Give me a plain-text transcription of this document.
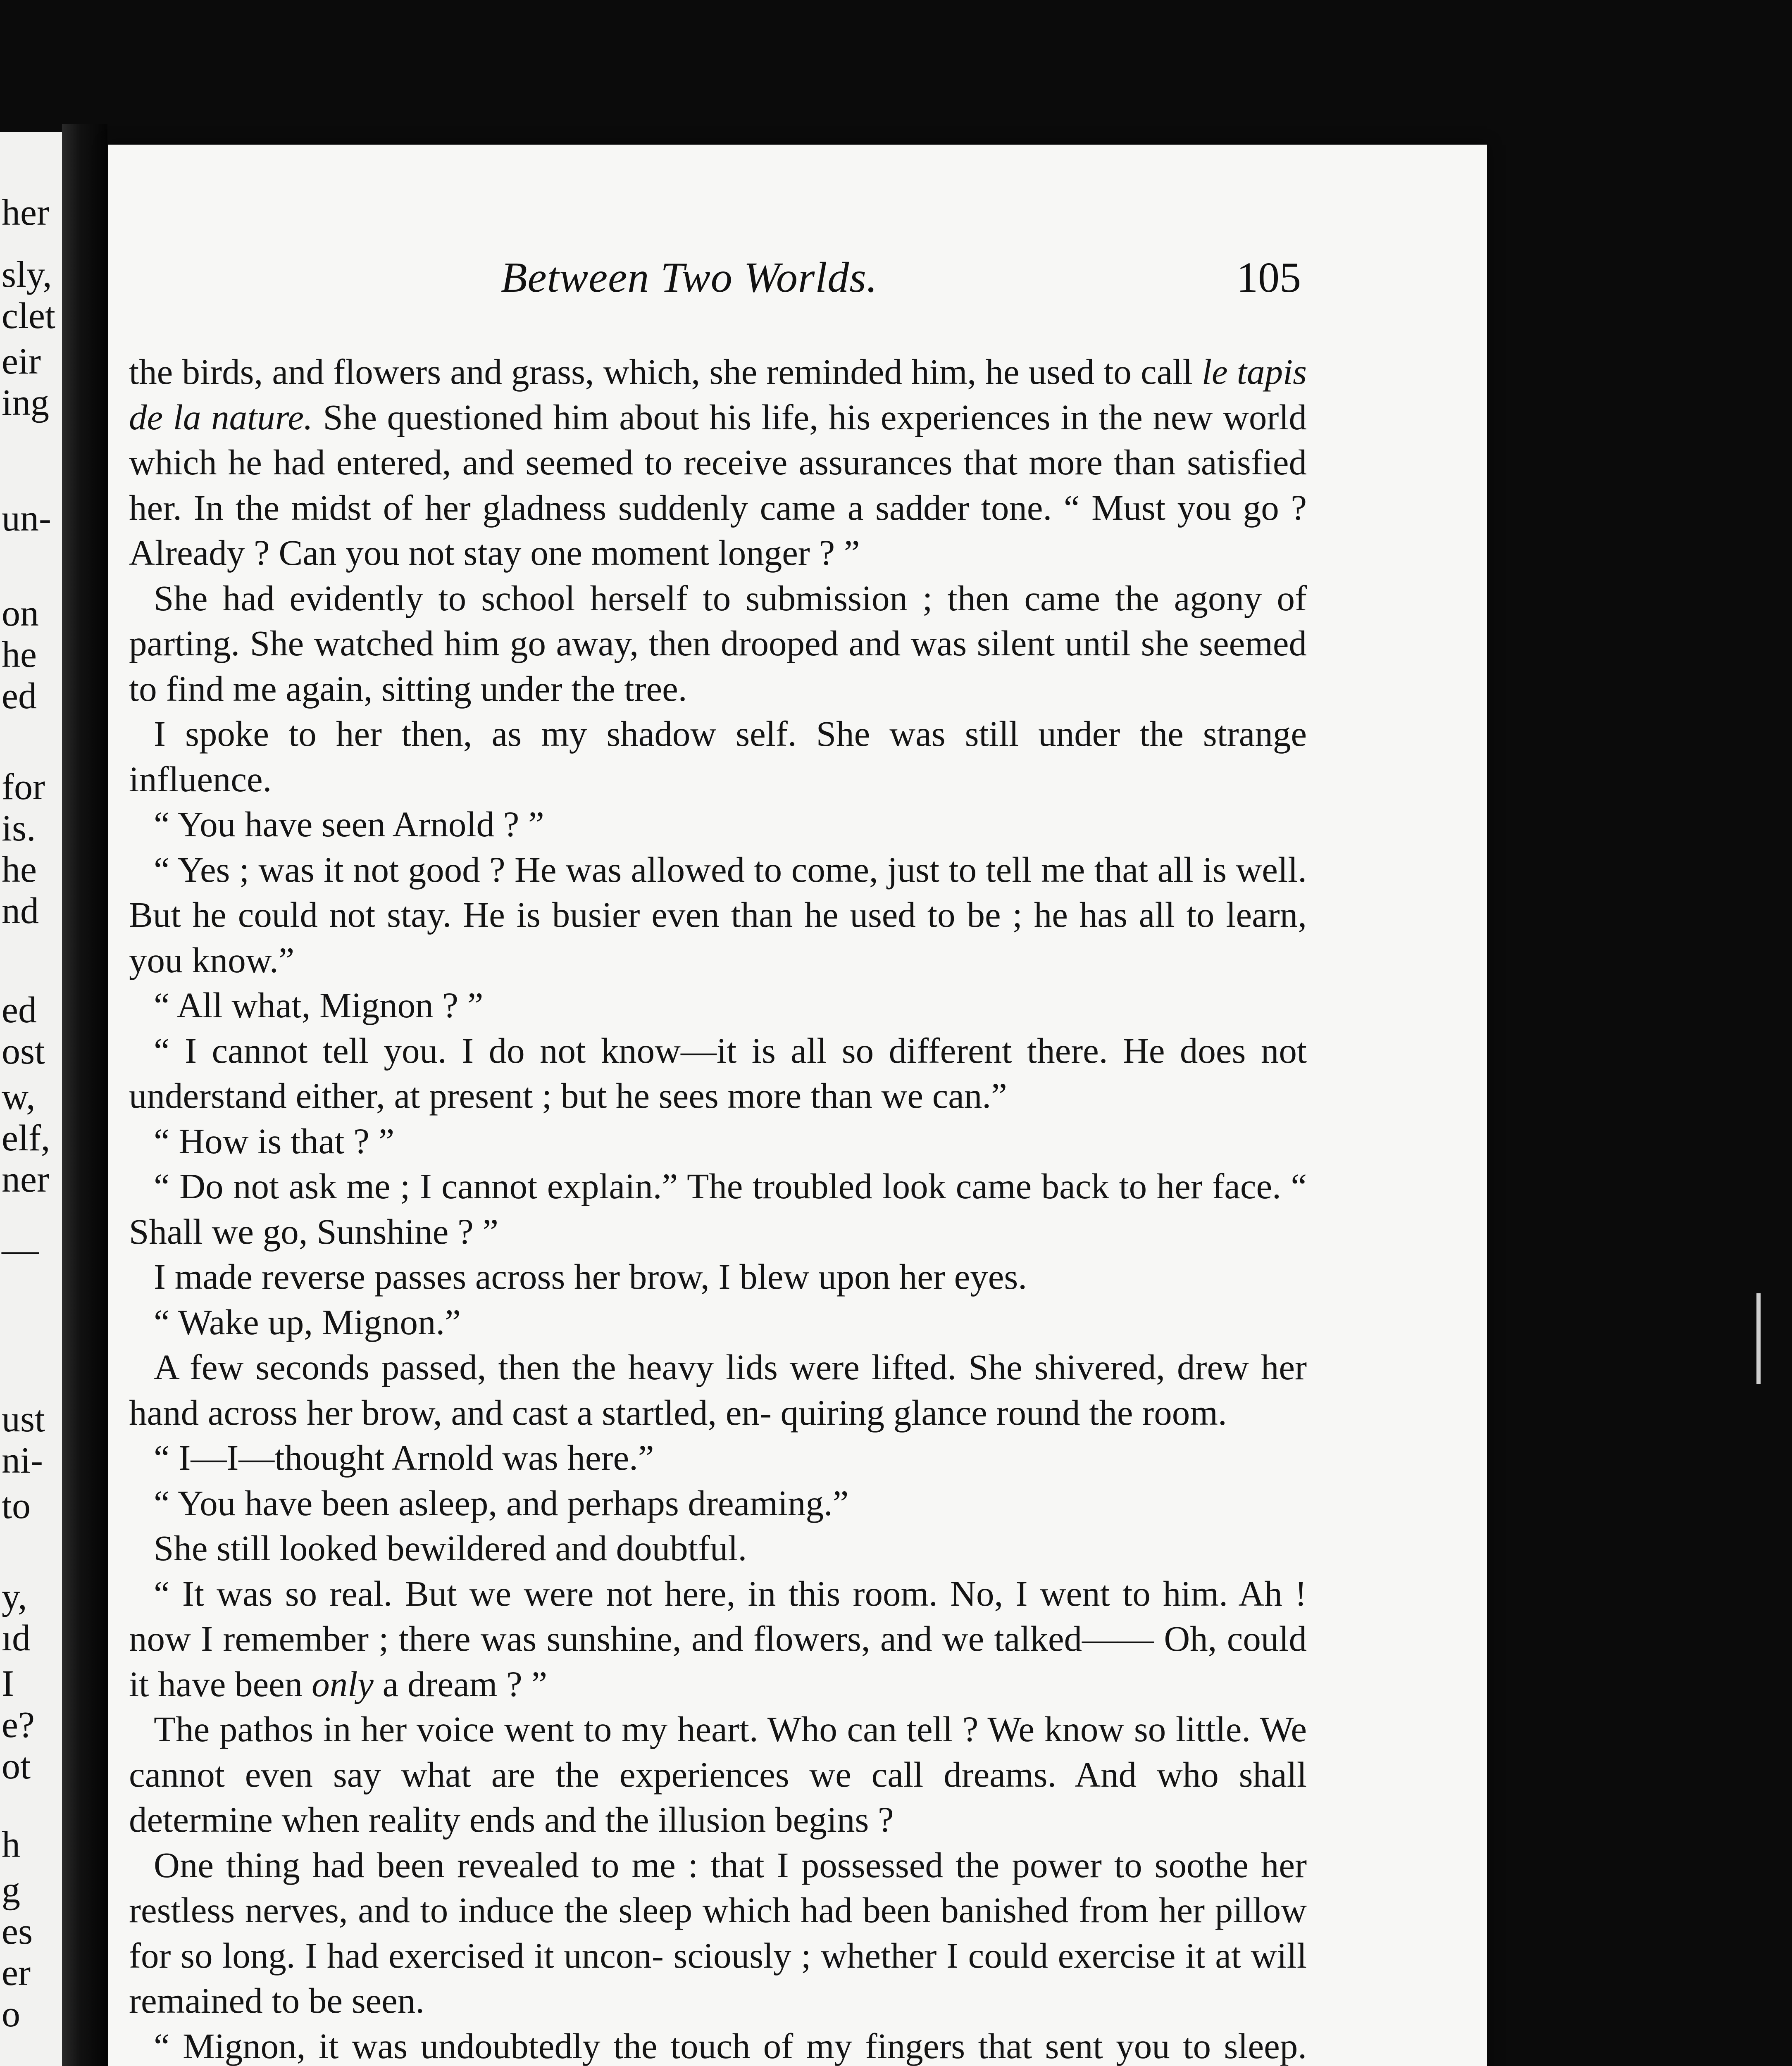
her
sly,
clet
eir
ing
un-
on
he
ed
for
is.
he
nd
ed
ost
w,
elf,
ner
—
ust
ni-
to
y,
ıd
I
e?
ot
h
g
es
er
o
Between Two Worlds.	105

the birds, and flowers and grass, which, she reminded him, he used to call le tapis de la nature. She questioned him about his life, his experiences in the new world which he had entered, and seemed to receive assurances that more than satisfied her. In the midst of her gladness suddenly came a sadder tone. “ Must you go ? Already ? Can you not stay one moment longer ? ”

She had evidently to school herself to submission ; then came the agony of parting. She watched him go away, then drooped and was silent until she seemed to find me again, sitting under the tree.

I spoke to her then, as my shadow self. She was still under the strange influence.

“ You have seen Arnold ? ”

“ Yes ; was it not good ? He was allowed to come, just to tell me that all is well. But he could not stay. He is busier even than he used to be ; he has all to learn, you know.”

“ All what, Mignon ? ”

“ I cannot tell you. I do not know—it is all so different there. He does not understand either, at present ; but he sees more than we can.”

“ How is that ? ”

“ Do not ask me ; I cannot explain.” The troubled look came back to her face. “ Shall we go, Sunshine ? ”

I made reverse passes across her brow, I blew upon her eyes.

“ Wake up, Mignon.”

A few seconds passed, then the heavy lids were lifted. She shivered, drew her hand across her brow, and cast a startled, en- quiring glance round the room.

“ I—I—thought Arnold was here.”

“ You have been asleep, and perhaps dreaming.”

She still looked bewildered and doubtful.

“ It was so real. But we were not here, in this room. No, I went to him. Ah ! now I remember ; there was sunshine, and flowers, and we talked—— Oh, could it have been only a dream ? ”

The pathos in her voice went to my heart. Who can tell ? We know so little. We cannot even say what are the experiences we call dreams. And who shall determine when reality ends and the illusion begins ?

One thing had been revealed to me : that I possessed the power to soothe her restless nerves, and to induce the sleep which had been banished from her pillow for so long. I had exercised it uncon- sciously ; whether I could exercise it at will remained to be seen.

“ Mignon, it was undoubtedly the touch of my fingers that sent you to sleep.
